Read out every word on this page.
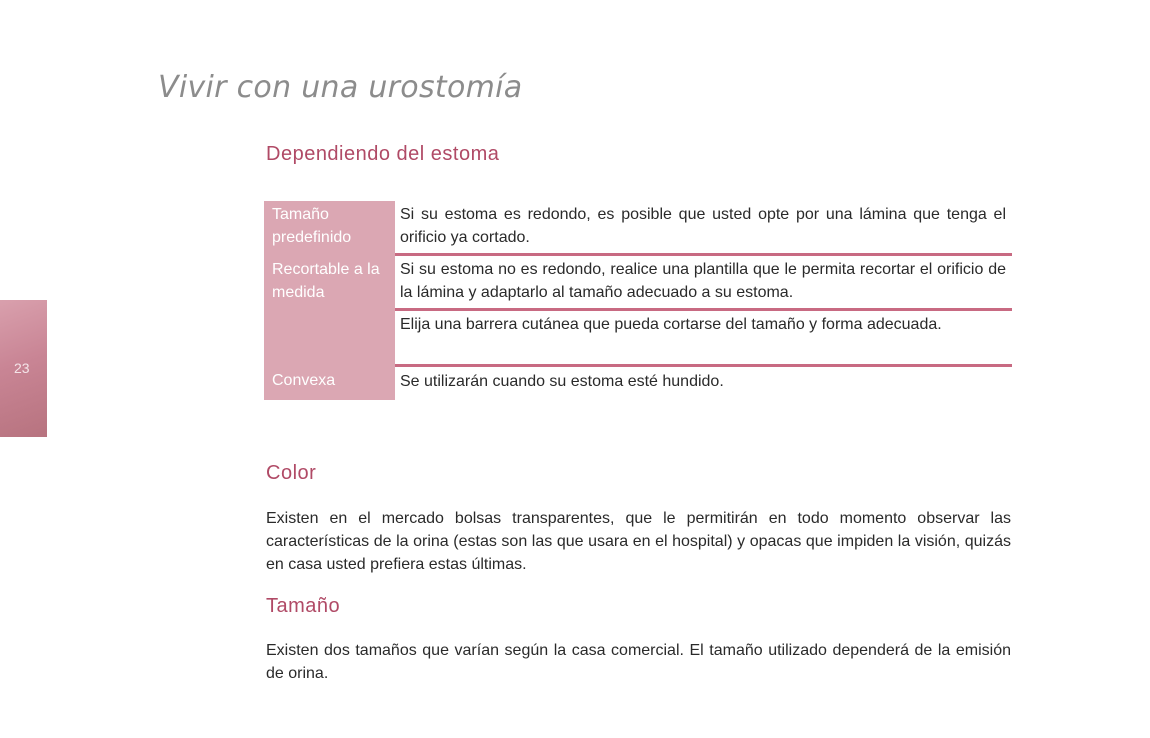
23
Vivir con una urostomía
Dependiendo del estoma
Tamaño predefinido
Si su estoma es redondo, es posible que usted opte por una lámina que tenga el orificio ya cortado.
Recortable a la medida
Si su estoma no es redondo, realice una plantilla que le permita recortar el orificio de la lámina y adaptarlo al tamaño adecuado a su estoma.
Elija una barrera cutánea que pueda cortarse del tamaño y forma adecuada.
Convexa	Se utilizarán cuando su estoma esté hundido.
Color

Existen en el mercado bolsas transparentes, que le permitirán en todo momento observar las características de la orina (estas son las que usara en el hospital) y opacas que impiden la visión, quizás en casa usted prefiera estas últimas.

Tamaño

Existen dos tamaños que varían según la casa comercial. El tamaño utilizado dependerá de la emisión de orina.
